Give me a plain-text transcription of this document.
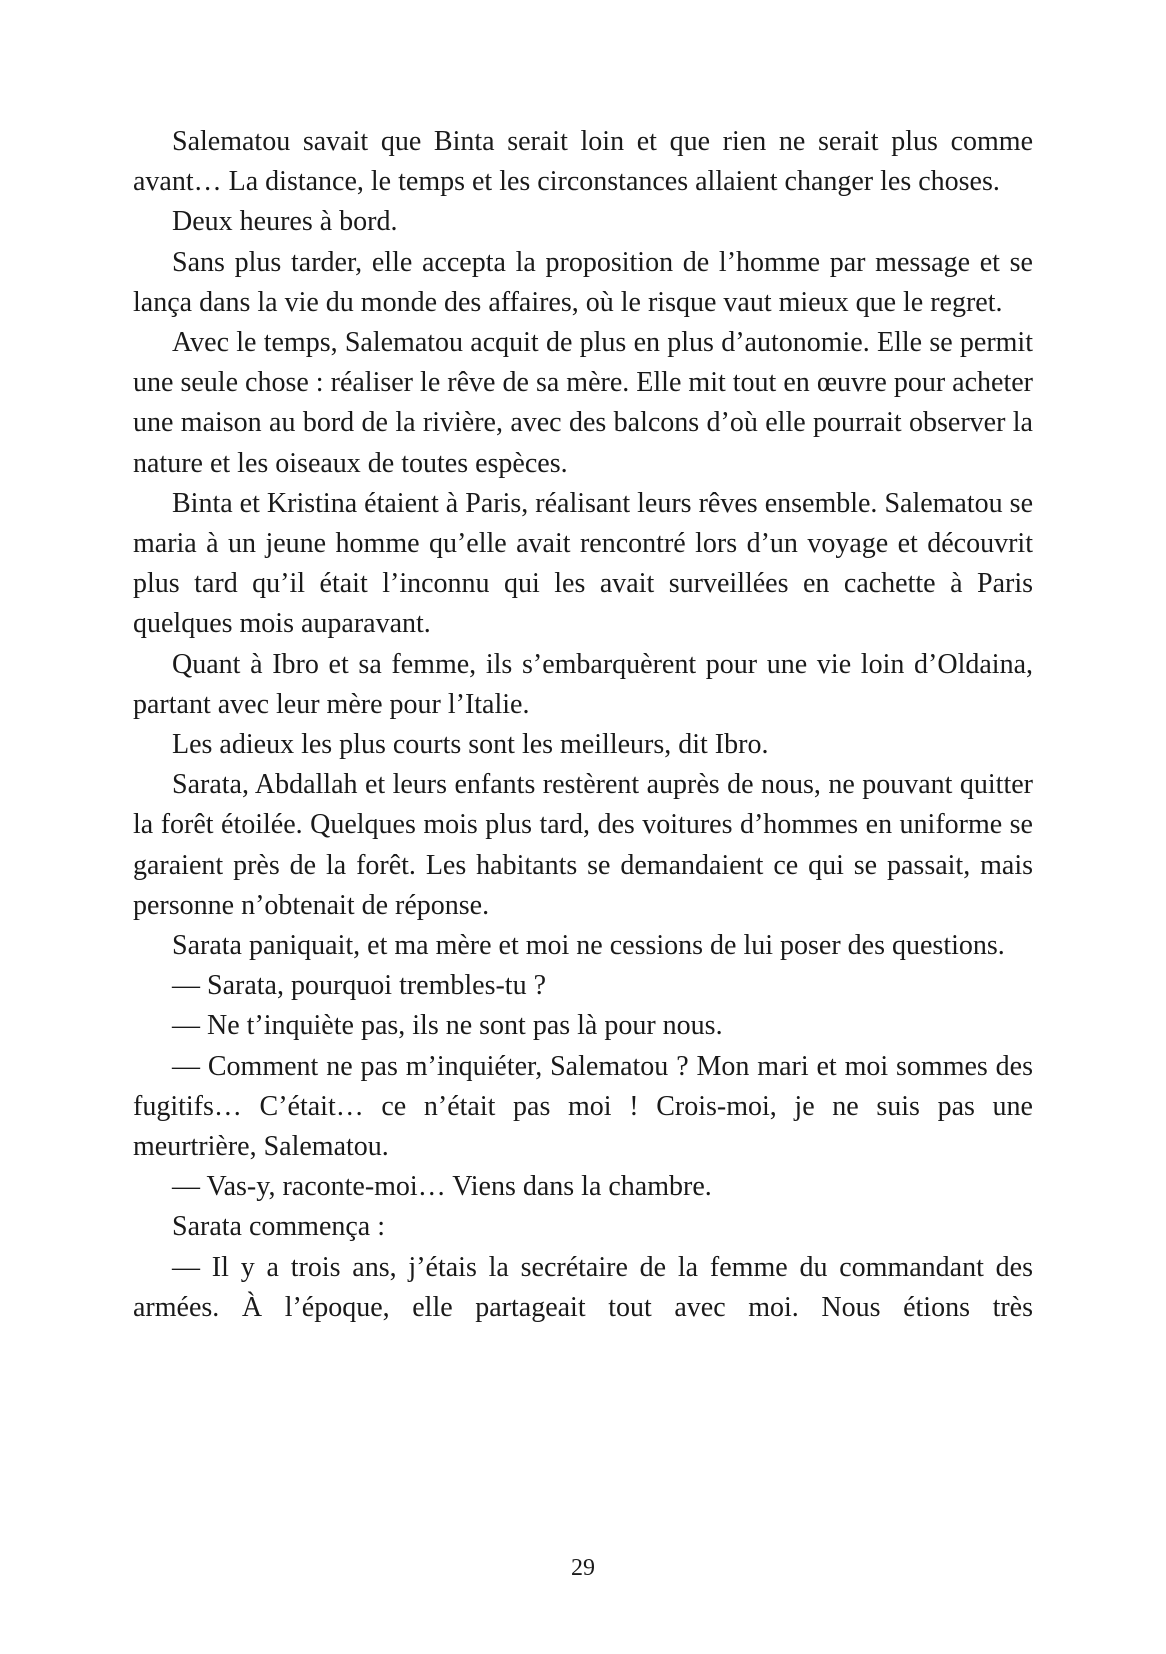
Salematou savait que Binta serait loin et que rien ne serait plus comme avant… La distance, le temps et les circonstances allaient changer les choses.

Deux heures à bord.

Sans plus tarder, elle accepta la proposition de l’homme par message et se lança dans la vie du monde des affaires, où le risque vaut mieux que le regret.

Avec le temps, Salematou acquit de plus en plus d’autonomie. Elle se permit une seule chose : réaliser le rêve de sa mère. Elle mit tout en œuvre pour acheter une maison au bord de la rivière, avec des balcons d’où elle pourrait observer la nature et les oiseaux de toutes espèces.

Binta et Kristina étaient à Paris, réalisant leurs rêves ensemble. Salematou se maria à un jeune homme qu’elle avait rencontré lors d’un voyage et découvrit plus tard qu’il était l’inconnu qui les avait surveillées en cachette à Paris quelques mois auparavant.

Quant à Ibro et sa femme, ils s’embarquèrent pour une vie loin d’Oldaina, partant avec leur mère pour l’Italie.

Les adieux les plus courts sont les meilleurs, dit Ibro.

Sarata, Abdallah et leurs enfants restèrent auprès de nous, ne pouvant quitter la forêt étoilée. Quelques mois plus tard, des voitures d’hommes en uniforme se garaient près de la forêt. Les habitants se demandaient ce qui se passait, mais personne n’obtenait de réponse.

Sarata paniquait, et ma mère et moi ne cessions de lui poser des questions.

— Sarata, pourquoi trembles-tu ?

— Ne t’inquiète pas, ils ne sont pas là pour nous.

— Comment ne pas m’inquiéter, Salematou ? Mon mari et moi sommes des fugitifs… C’était… ce n’était pas moi ! Crois-moi, je ne suis pas une meurtrière, Salematou.

— Vas-y, raconte-moi… Viens dans la chambre.

Sarata commença :

— Il y a trois ans, j’étais la secrétaire de la femme du commandant des armées. À l’époque, elle partageait tout avec moi. Nous étions très

29
